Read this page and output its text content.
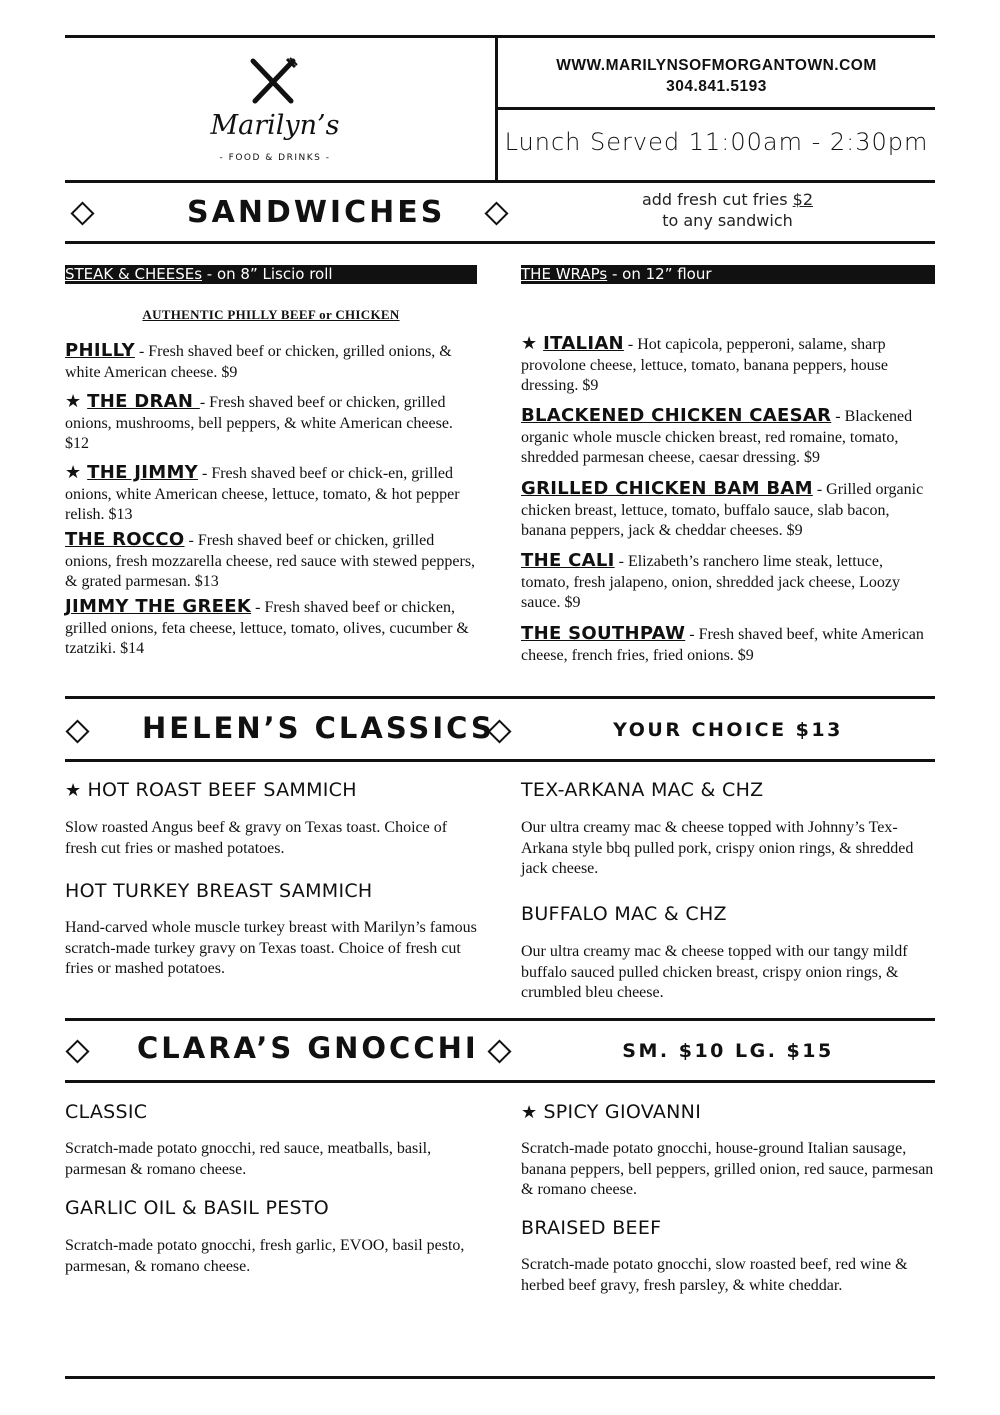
Marilyn’s
- FOOD & DRINKS -
WWW.MARILYNSOFMORGANTOWN.COM
304.841.5193
Lunch Served 11:00am - 2:30pm
SANDWICHES	add fresh cut fries $2
to any sandwich
STEAK & CHEESEs - on 8” Liscio roll	THE WRAPs - on 12” flour
AUTHENTIC PHILLY BEEF or CHICKEN
PHILLY - Fresh shaved beef or chicken, grilled onions, & white American cheese. $9
★ THE DRAN - Fresh shaved beef or chicken, grilled onions, mushrooms, bell peppers, & white American cheese. $12
★ THE JIMMY - Fresh shaved beef or chick-en, grilled onions, white American cheese, lettuce, tomato, & hot pepper relish. $13
THE ROCCO - Fresh shaved beef or chicken, grilled onions, fresh mozzarella cheese, red sauce with stewed peppers, & grated parmesan. $13
JIMMY THE GREEK - Fresh shaved beef or chicken, grilled onions, feta cheese, lettuce, tomato, olives, cucumber & tzatziki. $14
★ ITALIAN - Hot capicola, pepperoni, salame, sharp provolone cheese, lettuce, tomato, banana peppers, house dressing. $9
BLACKENED CHICKEN CAESAR - Blackened organic whole muscle chicken breast, red romaine, tomato, shredded parmesan cheese, caesar dressing. $9
GRILLED CHICKEN BAM BAM - Grilled organic chicken breast, lettuce, tomato, buffalo sauce, slab bacon, banana peppers, jack & cheddar cheeses. $9
THE CALI - Elizabeth’s ranchero lime steak, lettuce, tomato, fresh jalapeno, onion, shredded jack cheese, Loozy sauce. $9
THE SOUTHPAW - Fresh shaved beef, white American cheese, french fries, fried onions. $9
HELEN’S CLASSICS	YOUR CHOICE $13
★ HOT ROAST BEEF SAMMICH
Slow roasted Angus beef & gravy on Texas toast. Choice of fresh cut fries or mashed potatoes.
HOT TURKEY BREAST SAMMICH
Hand-carved whole muscle turkey breast with Marilyn’s famous scratch-made turkey gravy on Texas toast. Choice of fresh cut fries or mashed potatoes.
TEX-ARKANA MAC & CHZ
Our ultra creamy mac & cheese topped with Johnny’s Tex-Arkana style bbq pulled pork, crispy onion rings, & shredded jack cheese.
BUFFALO MAC & CHZ
Our ultra creamy mac & cheese topped with our tangy mildf buffalo sauced pulled chicken breast, crispy onion rings, & crumbled bleu cheese.
CLARA’S GNOCCHI	SM. $10 LG. $15
CLASSIC
Scratch-made potato gnocchi, red sauce, meatballs, basil, parmesan & romano cheese.
GARLIC OIL & BASIL PESTO
Scratch-made potato gnocchi, fresh garlic, EVOO, basil pesto, parmesan, & romano cheese.
★ SPICY GIOVANNI
Scratch-made potato gnocchi, house-ground Italian sausage, banana peppers, bell peppers, grilled onion, red sauce, parmesan & romano cheese.
BRAISED BEEF
Scratch-made potato gnocchi, slow roasted beef, red wine & herbed beef gravy, fresh parsley, & white cheddar.
